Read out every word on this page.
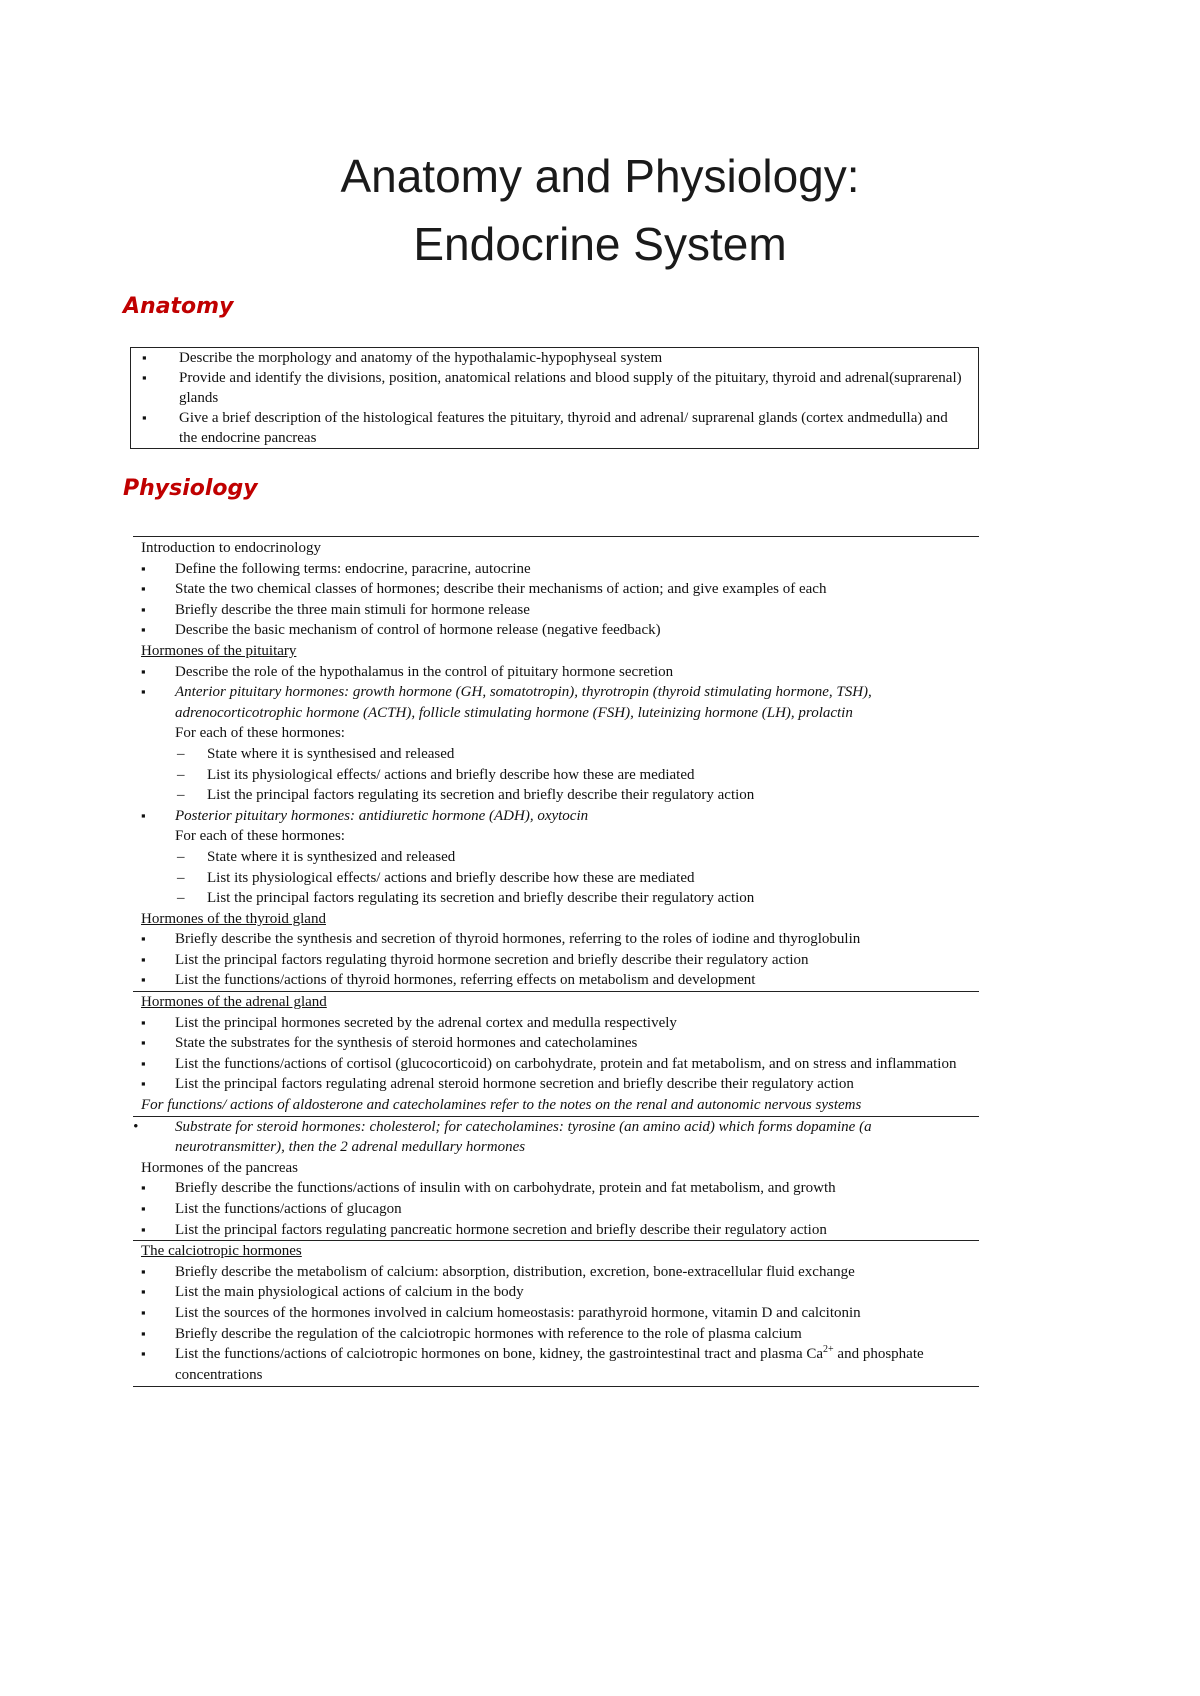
Anatomy and Physiology:
Endocrine System
Anatomy
▪ Describe the morphology and anatomy of the hypothalamic-hypophyseal system
▪ Provide and identify the divisions, position, anatomical relations and blood supply of the pituitary, thyroid and adrenal(suprarenal) glands
▪ Give a brief description of the histological features the pituitary, thyroid and adrenal/ suprarenal glands (cortex andmedulla) and the endocrine pancreas
Physiology
Introduction to endocrinology
▪ Define the following terms: endocrine, paracrine, autocrine
▪ State the two chemical classes of hormones; describe their mechanisms of action; and give examples of each
▪ Briefly describe the three main stimuli for hormone release
▪ Describe the basic mechanism of control of hormone release (negative feedback)
Hormones of the pituitary
▪ Describe the role of the hypothalamus in the control of pituitary hormone secretion
▪ Anterior pituitary hormones: growth hormone (GH, somatotropin), thyrotropin (thyroid stimulating hormone, TSH), adrenocorticotrophic hormone (ACTH), follicle stimulating hormone (FSH), luteinizing hormone (LH), prolactin
For each of these hormones:
– State where it is synthesised and released
– List its physiological effects/ actions and briefly describe how these are mediated
– List the principal factors regulating its secretion and briefly describe their regulatory action
▪ Posterior pituitary hormones: antidiuretic hormone (ADH), oxytocin
For each of these hormones:
– State where it is synthesized and released
– List its physiological effects/ actions and briefly describe how these are mediated
– List the principal factors regulating its secretion and briefly describe their regulatory action
Hormones of the thyroid gland
▪ Briefly describe the synthesis and secretion of thyroid hormones, referring to the roles of iodine and thyroglobulin
▪ List the principal factors regulating thyroid hormone secretion and briefly describe their regulatory action
▪ List the functions/actions of thyroid hormones, referring effects on metabolism and development
Hormones of the adrenal gland
▪ List the principal hormones secreted by the adrenal cortex and medulla respectively
▪ State the substrates for the synthesis of steroid hormones and catecholamines
▪ List the functions/actions of cortisol (glucocorticoid) on carbohydrate, protein and fat metabolism, and on stress and inflammation
▪ List the principal factors regulating adrenal steroid hormone secretion and briefly describe their regulatory action
For functions/ actions of aldosterone and catecholamines refer to the notes on the renal and autonomic nervous systems
• Substrate for steroid hormones: cholesterol; for catecholamines: tyrosine (an amino acid) which forms dopamine (a neurotransmitter), then the 2 adrenal medullary hormones
Hormones of the pancreas
▪ Briefly describe the functions/actions of insulin with on carbohydrate, protein and fat metabolism, and growth
▪ List the functions/actions of glucagon
▪ List the principal factors regulating pancreatic hormone secretion and briefly describe their regulatory action
The calciotropic hormones
▪ Briefly describe the metabolism of calcium: absorption, distribution, excretion, bone-extracellular fluid exchange
▪ List the main physiological actions of calcium in the body
▪ List the sources of the hormones involved in calcium homeostasis: parathyroid hormone, vitamin D and calcitonin
▪ Briefly describe the regulation of the calciotropic hormones with reference to the role of plasma calcium
▪ List the functions/actions of calciotropic hormones on bone, kidney, the gastrointestinal tract and plasma $Ca^{2+}$ and phosphate concentrations
